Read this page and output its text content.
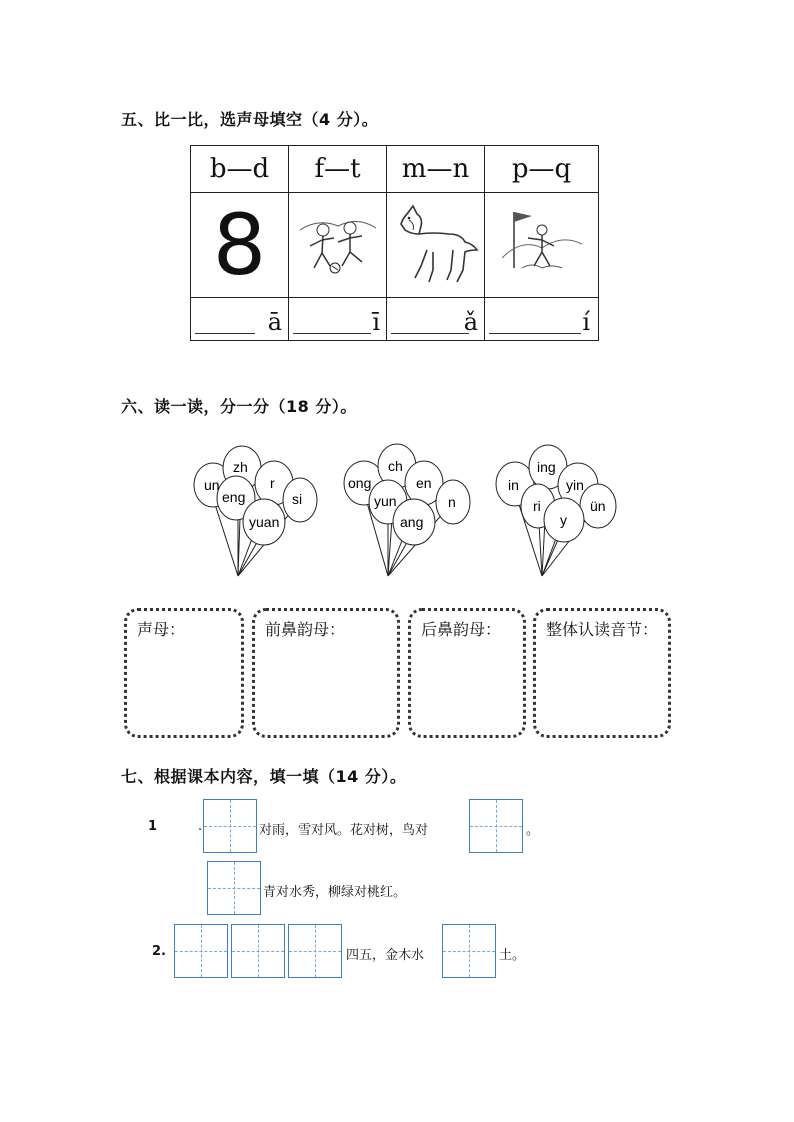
五、比一比，选声母填空（4 分）。
b—d	f—t	m—n	p—q
8			

ā	ī	ǎ	í
六、读一读，分一分（18 分）。
zh
un	r
eng	si
yuan
ch
ong	en
yun	n
ang
ing
in	yin
ri	ün
y
声母：	前鼻韵母：	后鼻韵母：	整体认读音节：
七、根据课本内容，填一填（14 分）。
1	.	对雨，雪对风。花对树，鸟对	。
青对水秀，柳绿对桃红。
2.	四五，金木水	土。
